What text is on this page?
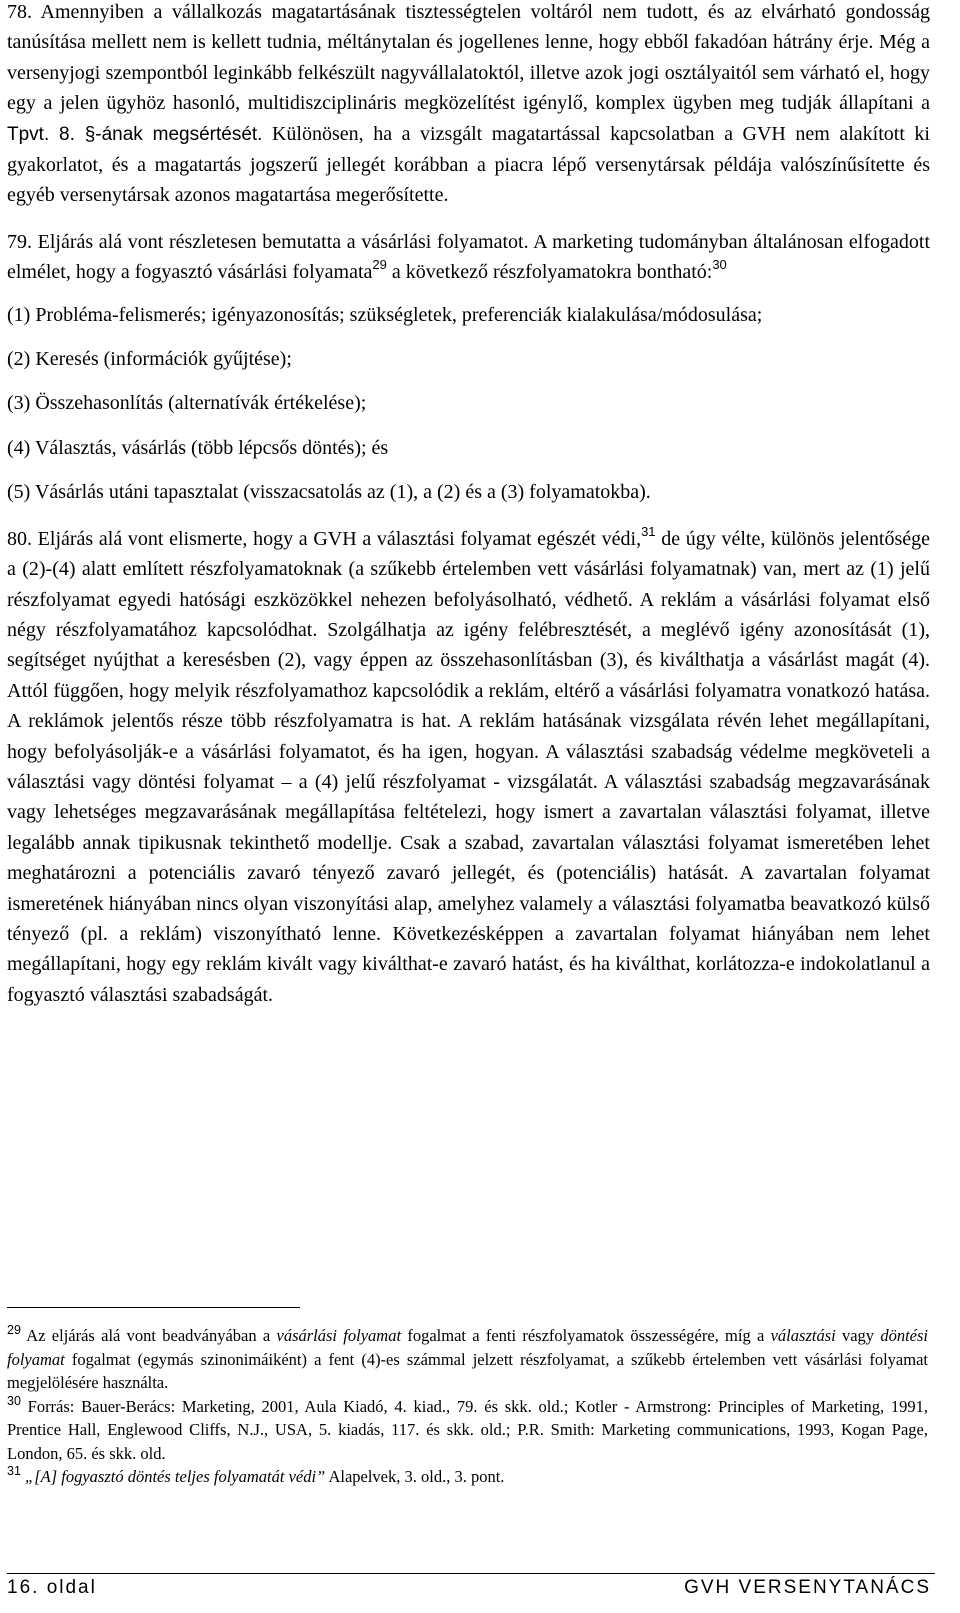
78. Amennyiben a vállalkozás magatartásának tisztességtelen voltáról nem tudott, és az elvárható gondosság tanúsítása mellett nem is kellett tudnia, méltánytalan és jogellenes lenne, hogy ebből fakadóan hátrány érje. Még a versenyjogi szempontból leginkább felkészült nagyvállalatoktól, illetve azok jogi osztályaitól sem várható el, hogy egy a jelen ügyhöz hasonló, multidiszciplináris megközelítést igénylő, komplex ügyben meg tudják állapítani a Tpvt. 8. §-ának megsértését. Különösen, ha a vizsgált magatartással kapcsolatban a GVH nem alakított ki gyakorlatot, és a magatartás jogszerű jellegét korábban a piacra lépő versenytársak példája valószínűsítette és egyéb versenytársak azonos magatartása megerősítette.

79. Eljárás alá vont részletesen bemutatta a vásárlási folyamatot. A marketing tudományban általánosan elfogadott elmélet, hogy a fogyasztó vásárlási folyamata$^{29}$ a következő részfolyamatokra bontható:$^{30}$

(1) Probléma-felismerés; igényazonosítás; szükségletek, preferenciák kialakulása/módosulása;

(2) Keresés (információk gyűjtése);

(3) Összehasonlítás (alternatívák értékelése);

(4) Választás, vásárlás (több lépcsős döntés); és

(5) Vásárlás utáni tapasztalat (visszacsatolás az (1), a (2) és a (3) folyamatokba).

80. Eljárás alá vont elismerte, hogy a GVH a választási folyamat egészét védi,$^{31}$ de úgy vélte, különös jelentősége a (2)-(4) alatt említett részfolyamatoknak (a szűkebb értelemben vett vásárlási folyamatnak) van, mert az (1) jelű részfolyamat egyedi hatósági eszközökkel nehezen befolyásolható, védhető. A reklám a vásárlási folyamat első négy részfolyamatához kapcsolódhat. Szolgálhatja az igény felébresztését, a meglévő igény azonosítását (1), segítséget nyújthat a keresésben (2), vagy éppen az összehasonlításban (3), és kiválthatja a vásárlást magát (4). Attól függően, hogy melyik részfolyamathoz kapcsolódik a reklám, eltérő a vásárlási folyamatra vonatkozó hatása. A reklámok jelentős része több részfolyamatra is hat. A reklám hatásának vizsgálata révén lehet megállapítani, hogy befolyásolják-e a vásárlási folyamatot, és ha igen, hogyan. A választási szabadság védelme megköveteli a választási vagy döntési folyamat – a (4) jelű részfolyamat - vizsgálatát. A választási szabadság megzavarásának vagy lehetséges megzavarásának megállapítása feltételezi, hogy ismert a zavartalan választási folyamat, illetve legalább annak tipikusnak tekinthető modellje. Csak a szabad, zavartalan választási folyamat ismeretében lehet meghatározni a potenciális zavaró tényező zavaró jellegét, és (potenciális) hatását. A zavartalan folyamat ismeretének hiányában nincs olyan viszonyítási alap, amelyhez valamely a választási folyamatba beavatkozó külső tényező (pl. a reklám) viszonyítható lenne. Következésképpen a zavartalan folyamat hiányában nem lehet megállapítani, hogy egy reklám kivált vagy kiválthat-e zavaró hatást, és ha kiválthat, korlátozza-e indokolatlanul a fogyasztó választási szabadságát.

$^{29}$ Az eljárás alá vont beadványában a vásárlási folyamat fogalmat a fenti részfolyamatok összességére, míg a választási vagy döntési folyamat fogalmat (egymás szinonimáiként) a fent (4)-es számmal jelzett részfolyamat, a szűkebb értelemben vett vásárlási folyamat megjelölésére használta.

$^{30}$ Forrás: Bauer-Berács: Marketing, 2001, Aula Kiadó, 4. kiad., 79. és skk. old.; Kotler - Armstrong: Principles of Marketing, 1991, Prentice Hall, Englewood Cliffs, N.J., USA, 5. kiadás, 117. és skk. old.; P.R. Smith: Marketing communications, 1993, Kogan Page, London, 65. és skk. old.

$^{31}$ „[A] fogyasztó döntés teljes folyamatát védi” Alapelvek, 3. old., 3. pont.

16. oldal	GVH VERSENYTANÁCS
